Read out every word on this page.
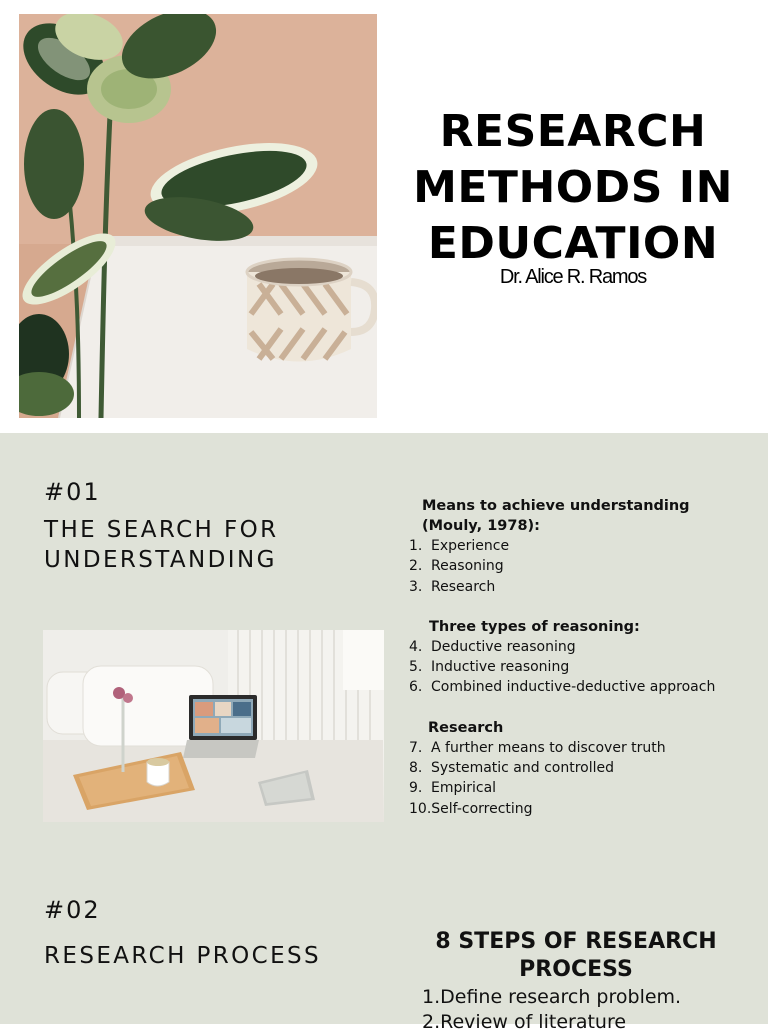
RESEARCH
METHODS IN
EDUCATION
Dr. Alice R. Ramos
#01
THE SEARCH FOR
UNDERSTANDING
Means to achieve understanding
(Mouly, 1978):
1. Experience
2. Reasoning
3. Research
Three types of reasoning:
4. Deductive reasoning
5. Inductive reasoning
6. Combined inductive-deductive approach
Research
7. A further means to discover truth
8. Systematic and controlled
9. Empirical
10.Self-correcting
#02
RESEARCH PROCESS
8 STEPS OF RESEARCH
PROCESS
1.Define research problem.
2.Review of literature
